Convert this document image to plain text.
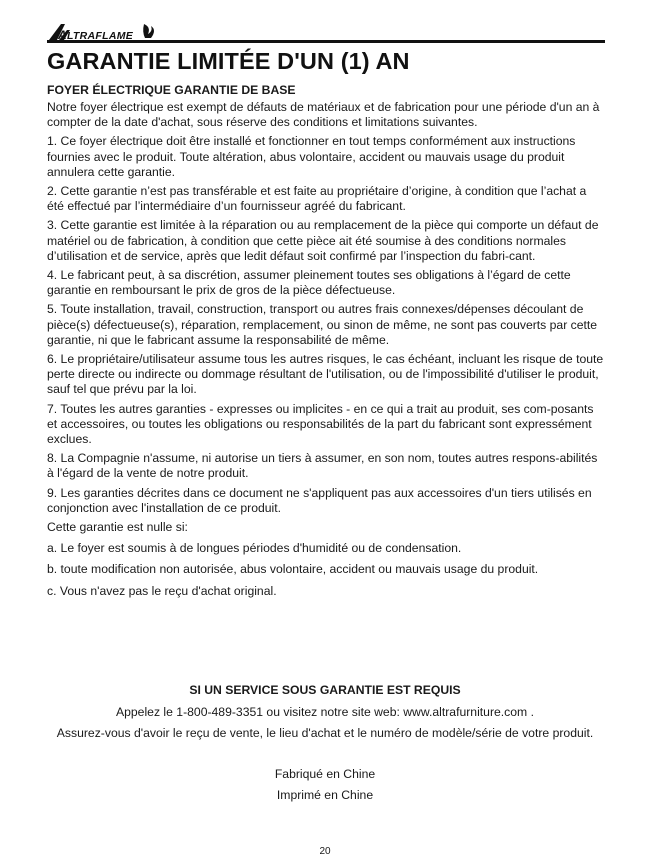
A LTRAFLAME
GARANTIE LIMITÉE D'UN (1) AN
FOYER ÉLECTRIQUE GARANTIE DE BASE
Notre foyer électrique est exempt de défauts de matériaux et de fabrication pour une période d'un an à compter de la date d'achat, sous réserve des conditions et limitations suivantes.
1. Ce foyer électrique doit être installé et fonctionner en tout temps conformément aux instructions fournies avec le produit. Toute altération, abus volontaire, accident ou mauvais usage du produit annulera cette garantie.
2. Cette garantie n’est pas transférable et est faite au propriétaire d’origine, à condition que l’achat a été effectué par l’intermédiaire d’un fournisseur agréé du fabricant.
3. Cette garantie est limitée à la réparation ou au remplacement de la pièce qui comporte un défaut de matériel ou de fabrication, à condition que cette pièce ait été soumise à des conditions normales d’utilisation et de service, après que ledit défaut soit confirmé par l’inspection du fabri-cant.
4. Le fabricant peut, à sa discrétion, assumer pleinement toutes ses obligations à l’égard de cette garantie en remboursant le prix de gros de la pièce défectueuse.
5. Toute installation, travail, construction, transport ou autres frais connexes/dépenses découlant de pièce(s) défectueuse(s), réparation, remplacement, ou sinon de même, ne sont pas couverts par cette garantie, ni que le fabricant assume la responsabilité de même.
6. Le propriétaire/utilisateur assume tous les autres risques, le cas échéant, incluant les risque de toute perte directe ou indirecte ou dommage résultant de l'utilisation, ou de l'impossibilité d'utiliser le produit, sauf tel que prévu par la loi.
7. Toutes les autres garanties - expresses ou implicites - en ce qui a trait au produit, ses com-posants et accessoires, ou toutes les obligations ou responsabilités de la part du fabricant sont expressément exclues.
8. La Compagnie n'assume, ni autorise un tiers à assumer, en son nom, toutes autres respons-abilités à l'égard de la vente de notre produit.
9. Les garanties décrites dans ce document ne s'appliquent pas aux accessoires d'un tiers utilisés en conjonction avec l'installation de ce produit.
Cette garantie est nulle si:
a. Le foyer est soumis à de longues périodes d'humidité ou de condensation.
b. toute modification non autorisée, abus volontaire, accident ou mauvais usage du produit.
c. Vous n'avez pas le reçu d'achat original.
SI UN SERVICE SOUS GARANTIE EST REQUIS
Appelez le 1-800-489-3351 ou visitez notre site web: www.altrafurniture.com .
Assurez-vous d'avoir le reçu de vente, le lieu d'achat et le numéro de modèle/série de votre produit.
Fabriqué en Chine
Imprimé en Chine
20
